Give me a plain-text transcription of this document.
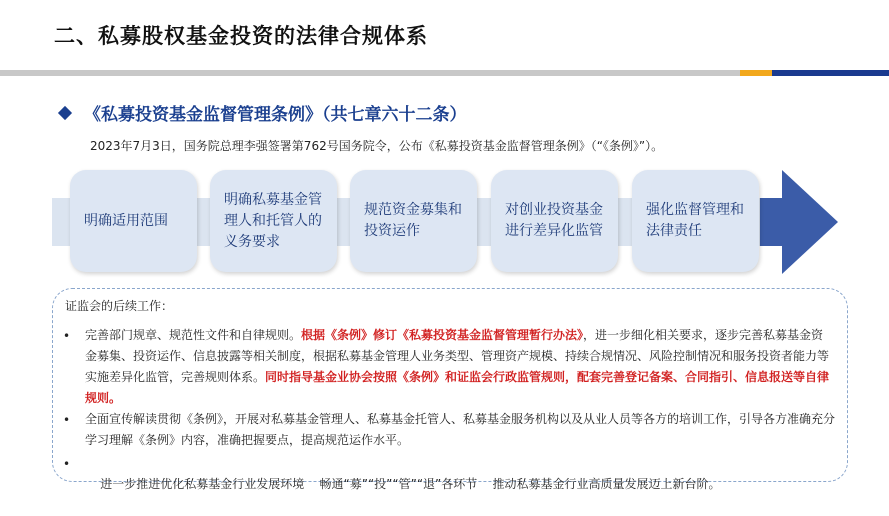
二、私募股权基金投资的法律合规体系
《私募投资基金监督管理条例》（共七章六十二条）
2023年7月3日，国务院总理李强签署第762号国务院令，公布《私募投资基金监督管理条例》（“《条例》”）。
明确适用范围
明确私募基金管理人和托管人的义务要求
规范资金募集和投资运作
对创业投资基金进行差异化监管
强化监督管理和法律责任
证监会的后续工作：
• 完善部门规章、规范性文件和自律规则。根据《条例》修订《私募投资基金监督管理暂行办法》，进一步细化相关要求，逐步完善私募基金资金募集、投资运作、信息披露等相关制度，根据私募基金管理人业务类型、管理资产规模、持续合规情况、风险控制情况和服务投资者能力等实施差异化监管，完善规则体系。同时指导基金业协会按照《条例》和证监会行政监管规则，配套完善登记备案、合同指引、信息报送等自律规则。
• 全面宣传解读贯彻《条例》，开展对私募基金管理人、私募基金托管人、私募基金服务机构以及从业人员等各方的培训工作，引导各方准确充分学习理解《条例》内容，准确把握要点，提高规范运作水平。
•

进一步推进优化私募基金行业发展环境    畅通“募”“投”“管”“退”各环节    推动私募基金行业高质量发展迈上新台阶。
